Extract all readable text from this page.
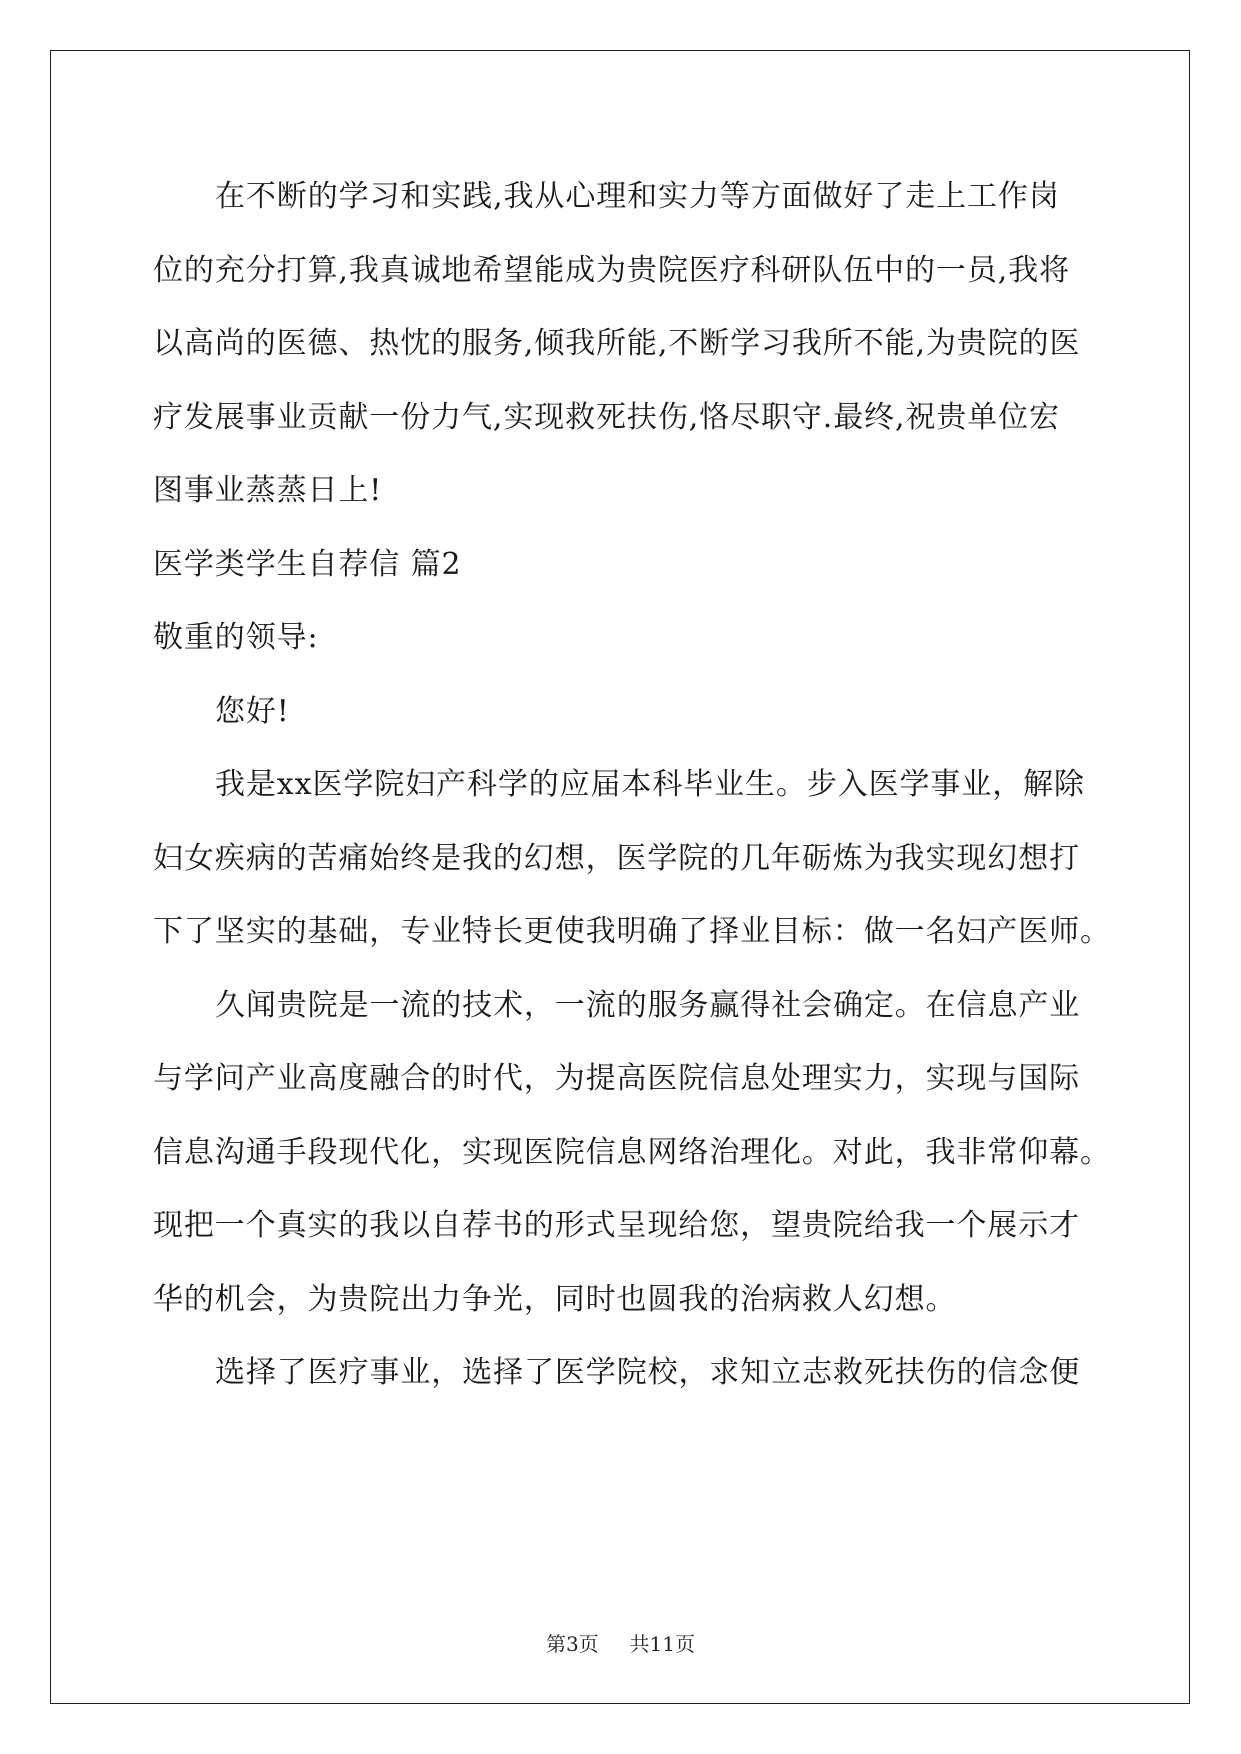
在不断的学习和实践,我从心理和实力等方面做好了走上工作岗
位的充分打算,我真诚地希望能成为贵院医疗科研队伍中的一员,我将
以高尚的医德、热忱的服务,倾我所能,不断学习我所不能,为贵院的医
疗发展事业贡献一份力气,实现救死扶伤,恪尽职守.最终,祝贵单位宏
图事业蒸蒸日上!
医学类学生自荐信 篇2
敬重的领导:
您好!
我是xx医学院妇产科学的应届本科毕业生。步入医学事业，解除
妇女疾病的苦痛始终是我的幻想，医学院的几年砺炼为我实现幻想打
下了坚实的基础，专业特长更使我明确了择业目标：做一名妇产医师。
久闻贵院是一流的技术，一流的服务赢得社会确定。在信息产业
与学问产业高度融合的时代，为提高医院信息处理实力，实现与国际
信息沟通手段现代化，实现医院信息网络治理化。对此，我非常仰幕。
现把一个真实的我以自荐书的形式呈现给您，望贵院给我一个展示才
华的机会，为贵院出力争光，同时也圆我的治病救人幻想。
选择了医疗事业，选择了医学院校，求知立志救死扶伤的信念便
第3页 共11页
